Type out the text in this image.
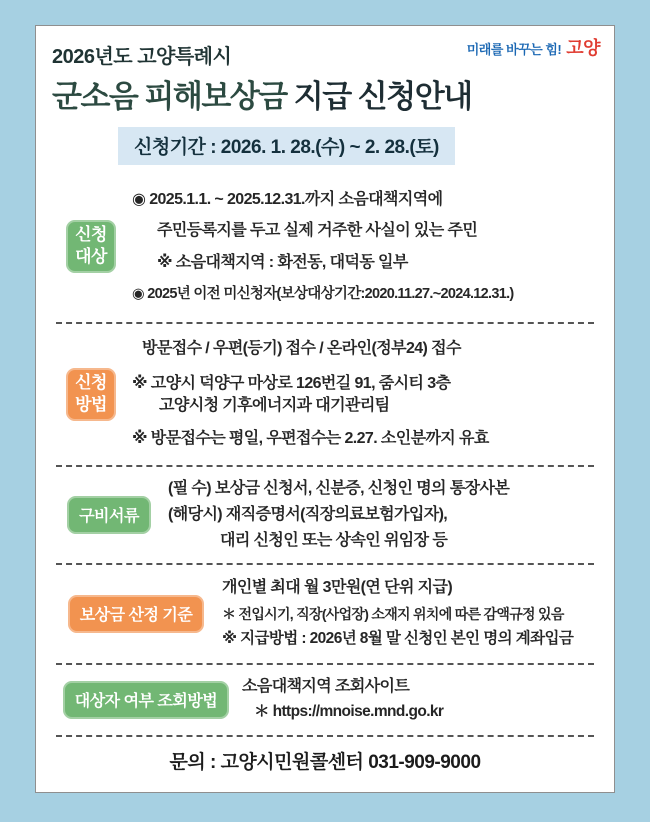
2026년도 고양특례시	미래를 바꾸는 힘! 고양
군소음 피해보상금 지급 신청안내
신청기간 : 2026. 1. 28.(수) ~ 2. 28.(토)
신청
대상
◉ 2025.1.1. ~ 2025.12.31.까지 소음대책지역에
주민등록지를 두고 실제 거주한 사실이 있는 주민
※ 소음대책지역 : 화전동, 대덕동 일부
◉ 2025년 이전 미신청자(보상대상기간:2020.11.27.~2024.12.31.)
신청
방법
방문접수 / 우편(등기) 접수 / 온라인(정부24) 접수
※ 고양시 덕양구 마상로 126번길 91, 줌시티 3층
고양시청 기후에너지과 대기관리팀
※ 방문접수는 평일, 우편접수는 2.27. 소인분까지 유효
구비서류
(필 수) 보상금 신청서, 신분증, 신청인 명의 통장사본
(해당시) 재직증명서(직장의료보험가입자),
대리 신청인 또는 상속인 위임장 등
보상금 산정 기준
개인별 최대 월 3만원(연 단위 지급)
＊ 전입시기, 직장(사업장) 소재지 위치에 따른 감액규정 있음
※ 지급방법 : 2026년 8월 말 신청인 본인 명의 계좌입금
대상자 여부 조회방법
소음대책지역 조회사이트
＊ https://mnoise.mnd.go.kr
문의 : 고양시민원콜센터 031-909-9000
